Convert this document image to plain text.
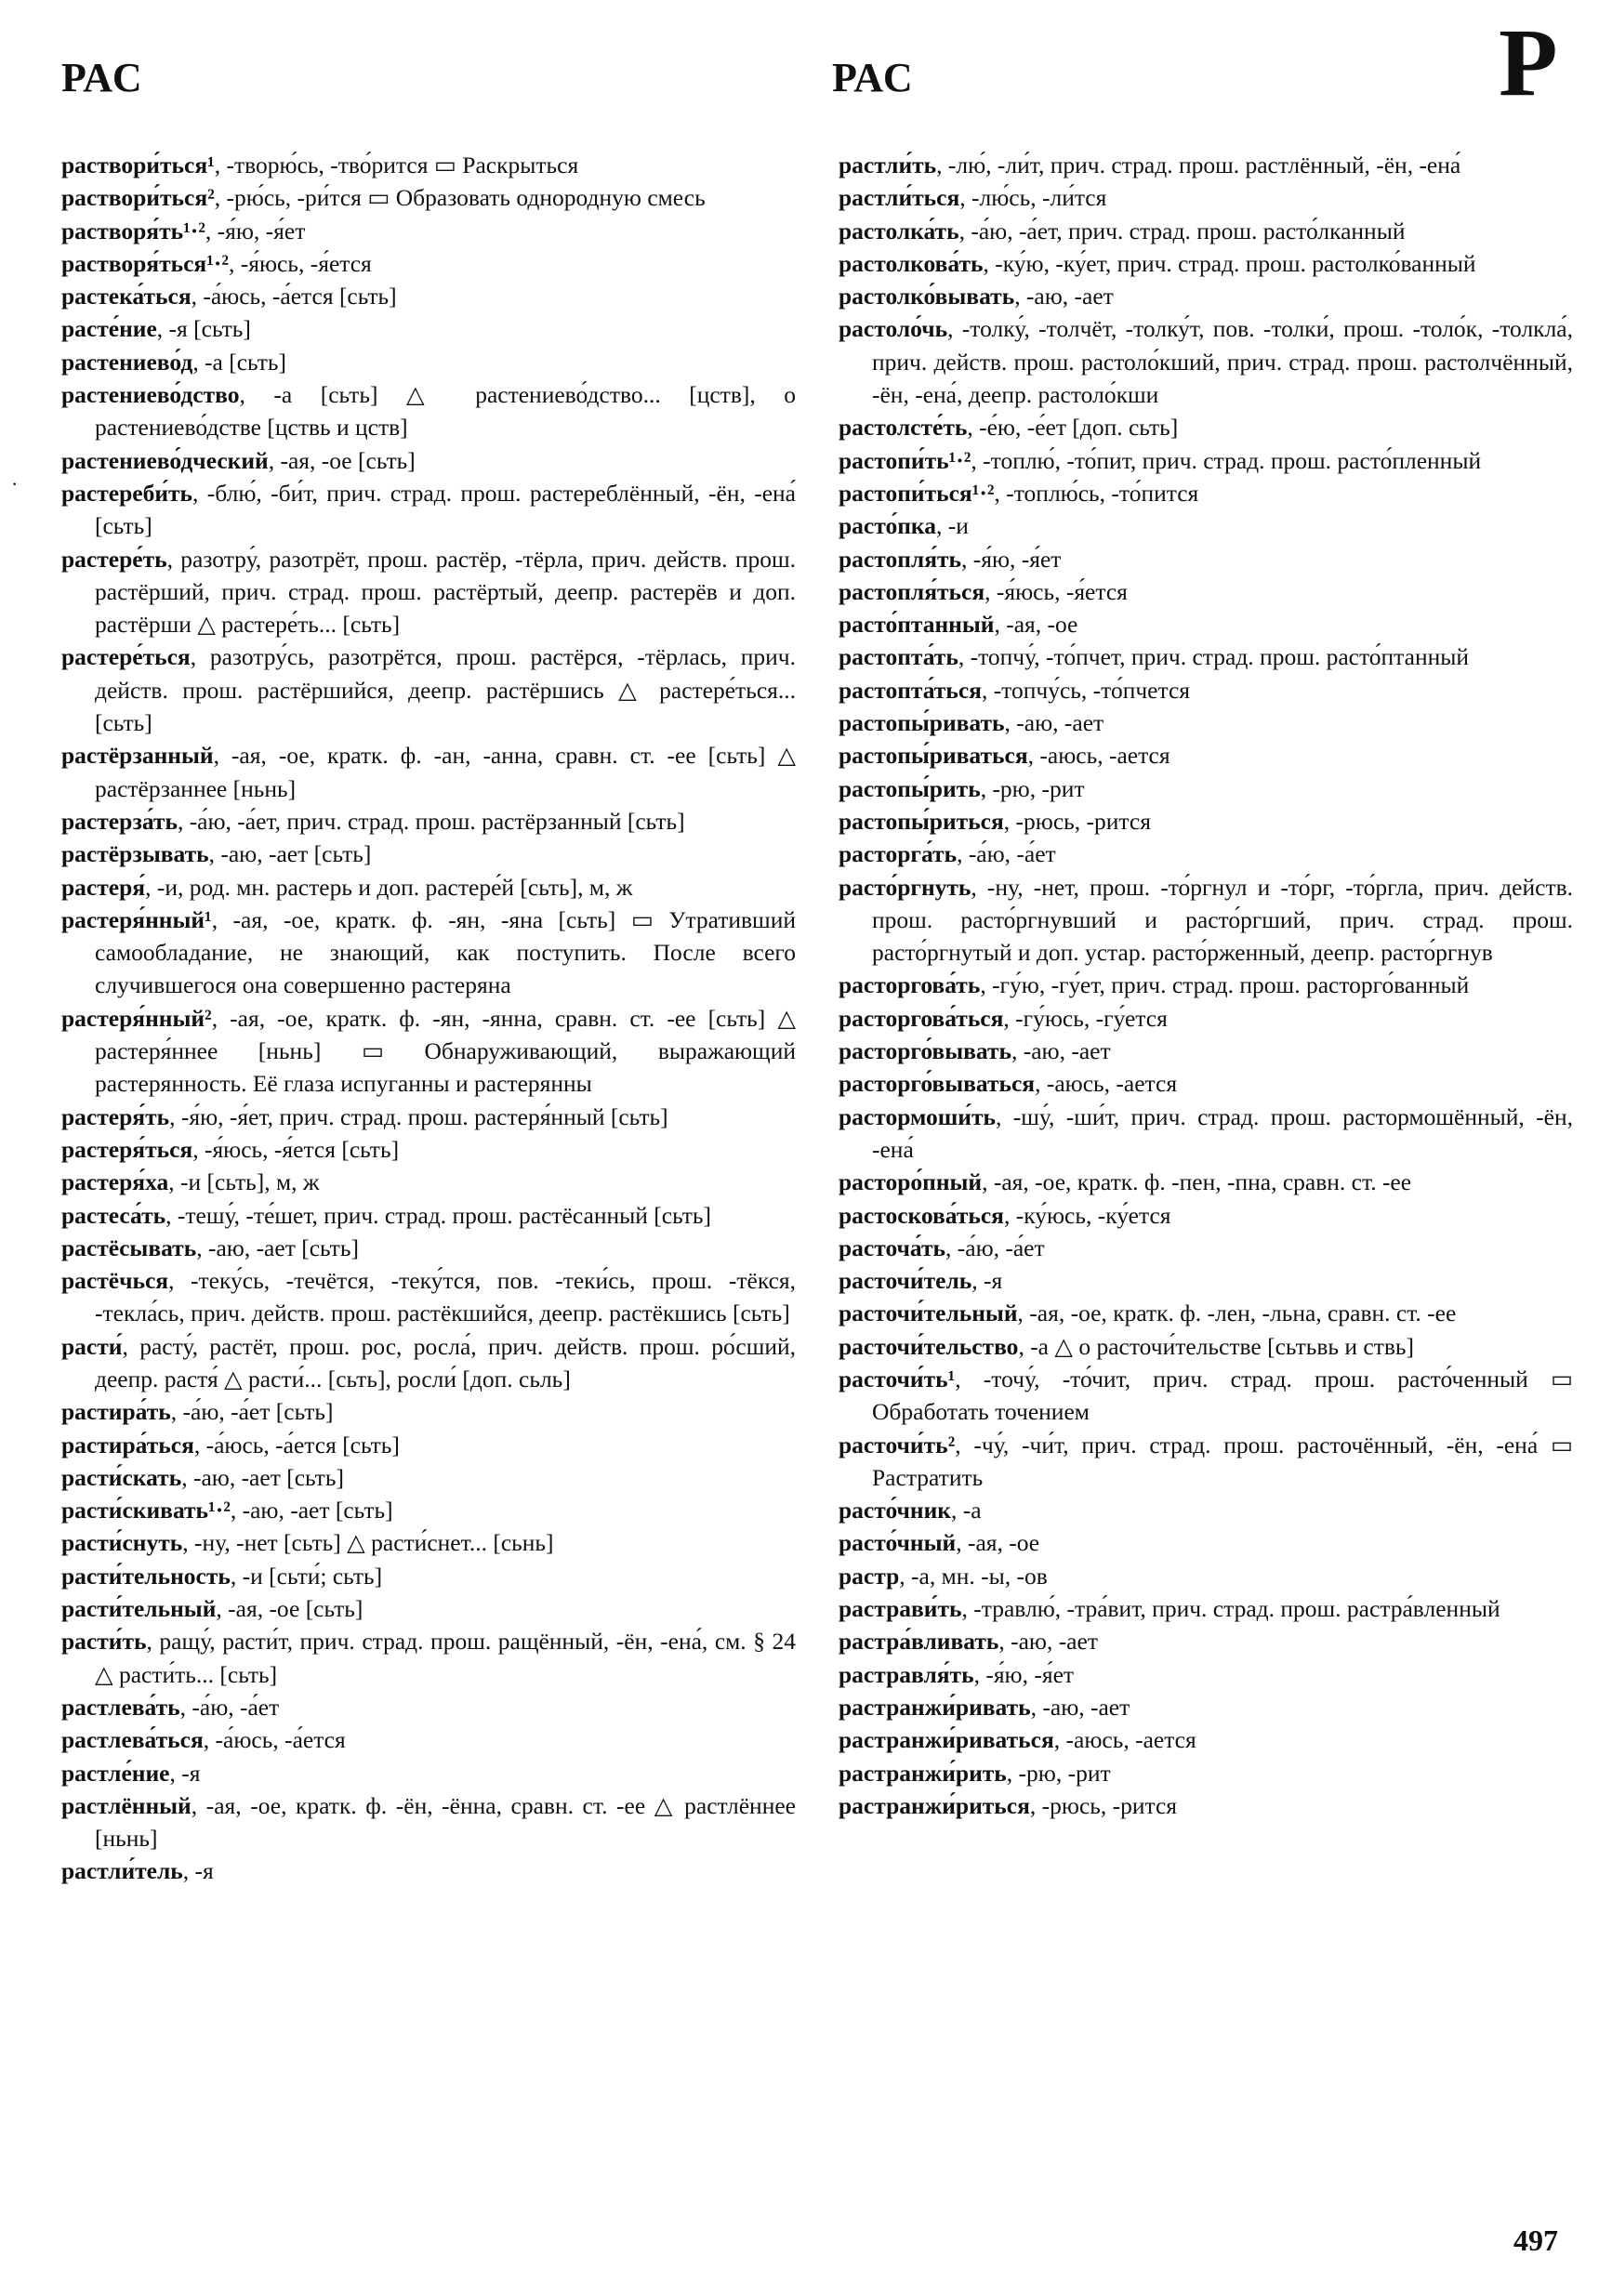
РАС	РАС	Р
·

раствори́ться¹, -творю́сь, -тво́рится ▭ Раскрыться

раствори́ться², -рю́сь, -ри́тся ▭ Образовать однородную смесь

растворя́ть¹·², -я́ю, -я́ет

растворя́ться¹·², -я́юсь, -я́ется

растека́ться, -а́юсь, -а́ется [сьть]

расте́ние, -я [сьть]

растениево́д, -а [сьть]

растениево́дство, -а [сьть] △ растениево́дство... [цств], о растениево́дстве [цствь и цств]

растениево́дческий, -ая, -ое [сьть]

растереби́ть, -блю́, -би́т, прич. страд. прош. растереблённый, -ён, -ена́ [сьть]

растере́ть, разотру́, разотрёт, прош. растёр, -тёрла, прич. действ. прош. растёрший, прич. страд. прош. растёртый, деепр. растерёв и доп. растёрши △ растере́ть... [сьть]

растере́ться, разотру́сь, разотрётся, прош. растёрся, -тёрлась, прич. действ. прош. растёршийся, деепр. растёршись △ растере́ться... [сьть]

растёрзанный, -ая, -ое, кратк. ф. -ан, -анна, сравн. ст. -ее [сьть] △ растёрзаннее [ньнь]

растерза́ть, -а́ю, -а́ет, прич. страд. прош. растёрзанный [сьть]

растёрзывать, -аю, -ает [сьть]

растеря́, -и, род. мн. растерь и доп. растере́й [сьть], м, ж

растеря́нный¹, -ая, -ое, кратк. ф. -ян, -яна [сьть] ▭ Утративший самообладание, не знающий, как поступить. После всего случившегося она совершенно растеряна

растеря́нный², -ая, -ое, кратк. ф. -ян, -янна, сравн. ст. -ее [сьть] △ растеря́ннее [ньнь] ▭ Обнаруживающий, выражающий растерянность. Её глаза испуганны и растерянны

растеря́ть, -я́ю, -я́ет, прич. страд. прош. растеря́нный [сьть]

растеря́ться, -я́юсь, -я́ется [сьть]

растеря́ха, -и [сьть], м, ж

растеса́ть, -тешу́, -те́шет, прич. страд. прош. растёсанный [сьть]

растёсывать, -аю, -ает [сьть]

растёчься, -теку́сь, -течётся, -теку́тся, пов. -теки́сь, прош. -тёкся, -текла́сь, прич. действ. прош. растёкшийся, деепр. растёкшись [сьть]

расти́, расту́, растёт, прош. рос, росла́, прич. действ. прош. ро́сший, деепр. растя́ △ расти́... [сьть], росли́ [доп. сьль]

растира́ть, -а́ю, -а́ет [сьть]

растира́ться, -а́юсь, -а́ется [сьть]

расти́скать, -аю, -ает [сьть]

расти́скивать¹·², -аю, -ает [сьть]

расти́снуть, -ну, -нет [сьть] △ расти́снет... [сьнь]

расти́тельность, -и [сьти́; сьть]

расти́тельный, -ая, -ое [сьть]

расти́ть, ращу́, расти́т, прич. страд. прош. ращённый, -ён, -ена́, см. § 24 △ расти́ть... [сьть]

растлева́ть, -а́ю, -а́ет

растлева́ться, -а́юсь, -а́ется

растле́ние, -я

растлённый, -ая, -ое, кратк. ф. -ён, -ённа, сравн. ст. -ее △ растлённее [ньнь]

растли́тель, -я

растли́ть, -лю́, -ли́т, прич. страд. прош. растлённый, -ён, -ена́

растли́ться, -лю́сь, -ли́тся

растолка́ть, -а́ю, -а́ет, прич. страд. прош. расто́лканный

растолкова́ть, -ку́ю, -ку́ет, прич. страд. прош. растолко́ванный

растолко́вывать, -аю, -ает

растоло́чь, -толку́, -толчёт, -толку́т, пов. -толки́, прош. -толо́к, -толкла́, прич. действ. прош. растоло́кший, прич. страд. прош. растолчённый, -ён, -ена́, деепр. растоло́кши

растолсте́ть, -е́ю, -е́ет [доп. сьть]

растопи́ть¹·², -топлю́, -то́пит, прич. страд. прош. расто́пленный

растопи́ться¹·², -топлю́сь, -то́пится

расто́пка, -и

растопля́ть, -я́ю, -я́ет

растопля́ться, -я́юсь, -я́ется

расто́птанный, -ая, -ое

растопта́ть, -топчу́, -то́пчет, прич. страд. прош. расто́птанный

растопта́ться, -топчу́сь, -то́пчется

растопы́ривать, -аю, -ает

растопы́риваться, -аюсь, -ается

растопы́рить, -рю, -рит

растопы́риться, -рюсь, -рится

расторга́ть, -а́ю, -а́ет

расто́ргнуть, -ну, -нет, прош. -то́ргнул и -то́рг, -то́ргла, прич. действ. прош. расто́ргнувший и расто́ргший, прич. страд. прош. расто́ргнутый и доп. устар. расто́рженный, деепр. расто́ргнув

расторгова́ть, -гу́ю, -гу́ет, прич. страд. прош. расторго́ванный

расторгова́ться, -гу́юсь, -гу́ется

расторго́вывать, -аю, -ает

расторго́вываться, -аюсь, -ается

растормоши́ть, -шу́, -ши́т, прич. страд. прош. растормошённый, -ён, -ена́

расторо́пный, -ая, -ое, кратк. ф. -пен, -пна, сравн. ст. -ее

растоскова́ться, -ку́юсь, -ку́ется

расточа́ть, -а́ю, -а́ет

расточи́тель, -я

расточи́тельный, -ая, -ое, кратк. ф. -лен, -льна, сравн. ст. -ее

расточи́тельство, -а △ о расточи́тельстве [сьтьвь и ствь]

расточи́ть¹, -точу́, -то́чит, прич. страд. прош. расто́ченный ▭ Обработать точением

расточи́ть², -чу́, -чи́т, прич. страд. прош. расточённый, -ён, -ена́ ▭ Растратить

расто́чник, -а

расто́чный, -ая, -ое

растр, -а, мн. -ы, -ов

растрави́ть, -травлю́, -тра́вит, прич. страд. прош. растра́вленный

растра́вливать, -аю, -ает

растравля́ть, -я́ю, -я́ет

растранжи́ривать, -аю, -ает

растранжи́риваться, -аюсь, -ается

растранжи́рить, -рю, -рит

растранжи́риться, -рюсь, -рится

497
